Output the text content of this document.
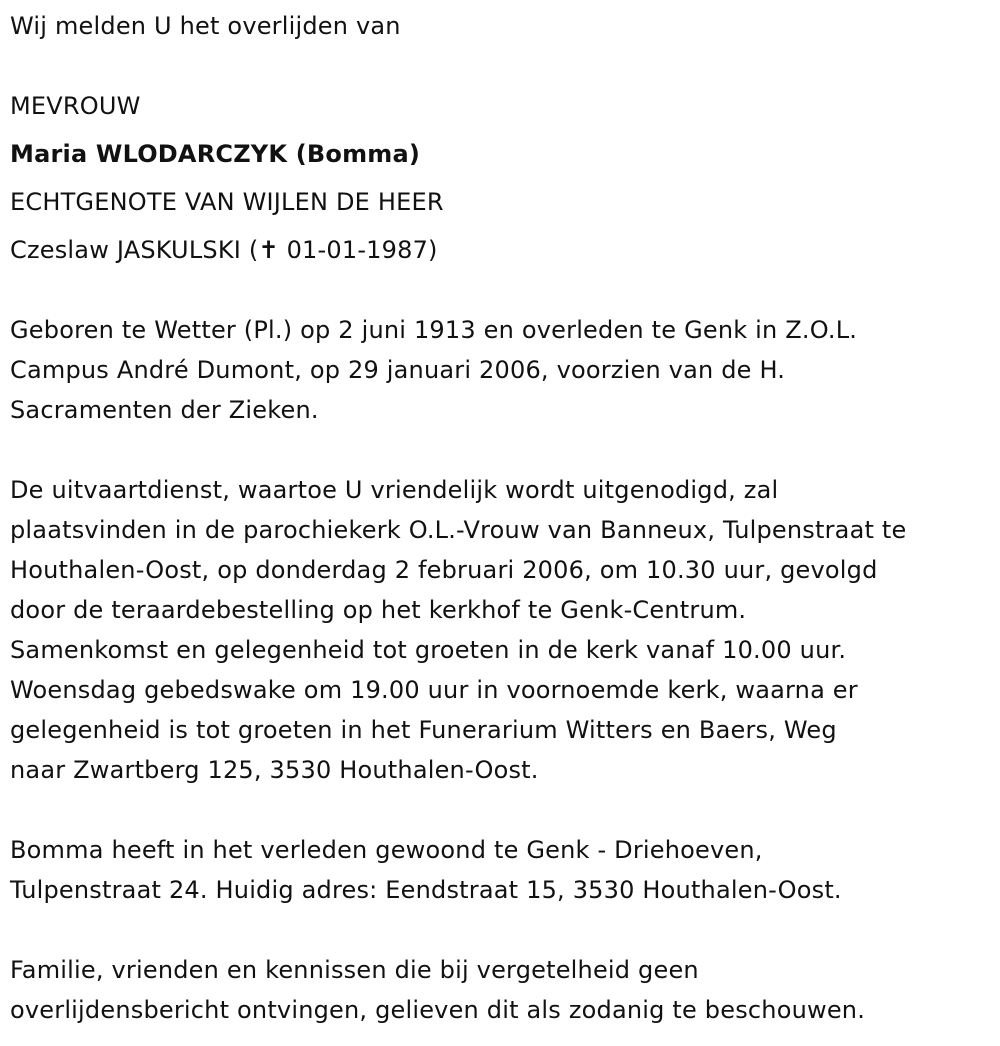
Wij melden U het overlijden van
MEVROUW
Maria WLODARCZYK (Bomma)
ECHTGENOTE VAN WIJLEN DE HEER
Czeslaw JASKULSKI (✝ 01-01-1987)
Geboren te Wetter (Pl.) op 2 juni 1913 en overleden te Genk in Z.O.L.
Campus André Dumont, op 29 januari 2006, voorzien van de H.
Sacramenten der Zieken.
De uitvaartdienst, waartoe U vriendelijk wordt uitgenodigd, zal
plaatsvinden in de parochiekerk O.L.-Vrouw van Banneux, Tulpenstraat te
Houthalen-Oost, op donderdag 2 februari 2006, om 10.30 uur, gevolgd
door de teraardebestelling op het kerkhof te Genk-Centrum.
Samenkomst en gelegenheid tot groeten in de kerk vanaf 10.00 uur.
Woensdag gebedswake om 19.00 uur in voornoemde kerk, waarna er
gelegenheid is tot groeten in het Funerarium Witters en Baers, Weg
naar Zwartberg 125, 3530 Houthalen-Oost.
Bomma heeft in het verleden gewoond te Genk - Driehoeven,
Tulpenstraat 24. Huidig adres: Eendstraat 15, 3530 Houthalen-Oost.
Familie, vrienden en kennissen die bij vergetelheid geen
overlijdensbericht ontvingen, gelieven dit als zodanig te beschouwen.
